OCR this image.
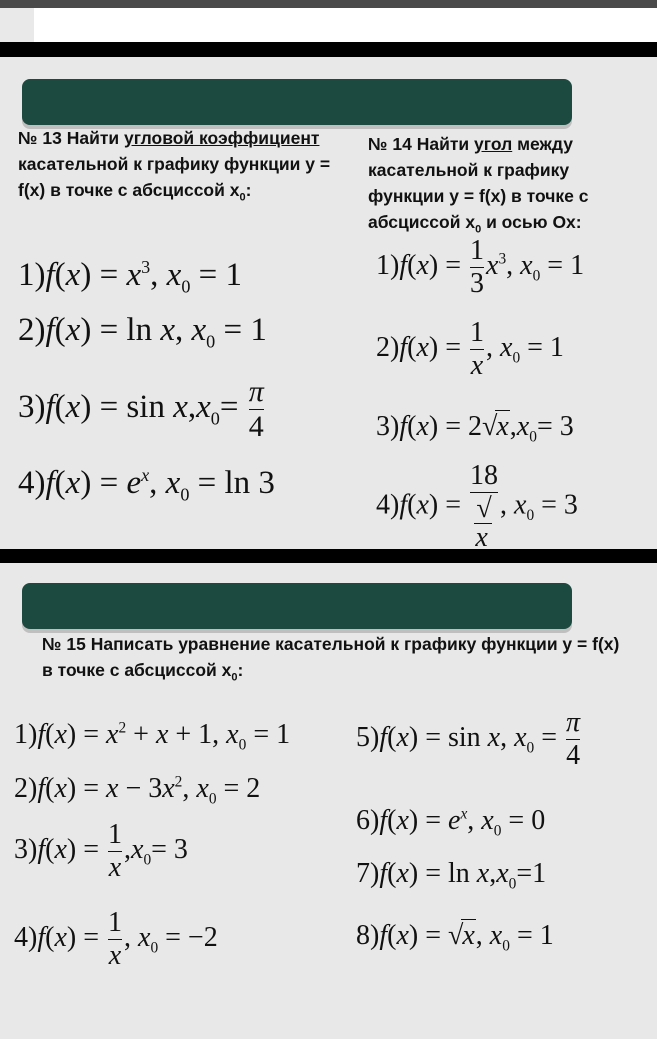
№ 13 Найти угловой коэффициент касательной к графику функции y = f(x) в точке с абсциссой $x_0$:
№ 14 Найти угол между касательной к графику функции y = f(x) в точке с абсциссой $x_0$ и осью Ox:
$1)f(x) = x^3$, $x_0 = 1$
2)f(x) = ln x, $x_0 = 1$
$3)f(x) = \sin x,x_0= \frac{\pi}{4}$
$4)f(x) = e^x$, $x_0 = \ln 3$
$1)f(x) = \frac{1}{3} x^3$, $x_0 = 1$
$2)f(x) = \frac{1}{x}$ , $x_0 = 1$
$3)f(x) = 2√x,x_0= 3$
4)f(x) = 18
√
x , $x_0 = 3$
№ 15 Написать уравнение касательной к графику функции y = f(x) в точке с абсциссой $x_0$:
$1)f(x) = x^2 + x + 1$, $x_0 = 1$
$2)f(x) = x - 3x^2$, $x_0 = 2$
$3)f(x) = \frac{1}{x} ,x_0= 3$
$4)f(x) = \frac{1}{x}$ , $x_0 = -2$
5)f(x) = sin x, $x_0 = \frac{\pi}{4}$
$6)f(x) = e^x$, $x_0 = 0$
$7)f(x) = \ln x,x_0=1$
8)f(x) = √x, $x_0 = 1$
